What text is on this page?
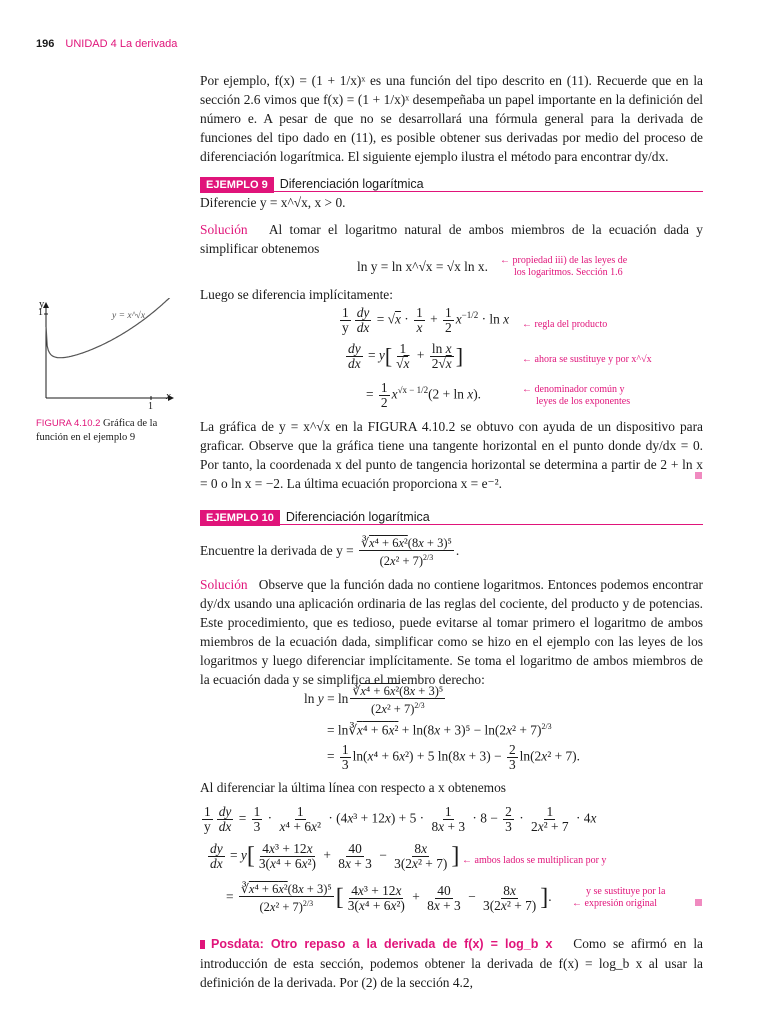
196 UNIDAD 4 La derivada

Por ejemplo, f(x) = (1 + 1/x)ˣ es una función del tipo descrito en (11). Recuerde que en la sección 2.6 vimos que f(x) = (1 + 1/x)ˣ desempeñaba un papel importante en la definición del número e. A pesar de que no se desarrollará una fórmula general para la derivada de funciones del tipo dado en (11), es posible obtener sus derivadas por medio del proceso de diferenciación logarítmica. El siguiente ejemplo ilustra el método para encontrar dy/dx.

EJEMPLO 9 Diferenciación logarítmica
Diferencie y = x^√x, x > 0.

Solución Al tomar el logaritmo natural de ambos miembros de la ecuación dada y simplificar obtenemos

ln y = ln x^√x = √x ln x. ← propiedad iii) de las leyes de
los logaritmos. Sección 1.6
Luego se diferencia implícitamente:
$\frac{1}{y} \frac{dy}{dx} = √x \cdot \frac{1}{x} + \frac{1}{2} x^{-1/2} \cdot \ln x$ ← regla del producto
$\frac{dy}{dx} = y[ \frac{1}{√x} + \frac{\text{ln x}}{2√x}$ ]	← ahora se sustituye y por x^√x
= $\frac{1}{2} x^{√x - 1/2}(2 + \ln x)$.	← denominador común y
leyes de los exponentes

La gráfica de y = x^√x en la FIGURA 4.10.2 se obtuvo con ayuda de un dispositivo para graficar. Observe que la gráfica tiene una tangente horizontal en el punto donde dy/dx = 0. Por tanto, la coordenada x del punto de tangencia horizontal se determina a partir de 2 + ln x = 0 o ln x = −2. La última ecuación proporciona x = e⁻².

y
1
x
1
y = x^√x
FIGURA 4.10.2 Gráfica de la función en el ejemplo 9
EJEMPLO 10 Diferenciación logarítmica
Encuentre la derivada de $y = \frac{\text{∛x⁴ + 6x²(8x + 3)⁵}}{(2x^2 + 7)^{2/3}}$ .

Solución Observe que la función dada no contiene logaritmos. Entonces podemos encontrar dy/dx usando una aplicación ordinaria de las reglas del cociente, del producto y de potencias. Este procedimiento, que es tedioso, puede evitarse al tomar primero el logaritmo de ambos miembros de la ecuación dada, simplificar como se hizo en el ejemplo con las leyes de los logaritmos y luego diferenciar implícitamente. Se toma el logaritmo de ambos miembros de la ecuación dada y se simplifica el miembro derecho:

$\ln y = \ln \frac{\text{∛x⁴ + 6x²(8x + 3)⁵}}{(2x^2 + 7)^{2/3}}$
= ln∛x⁴ + $6x^2 + \ln(8x + 3)^5 - \ln(2x^2 + 7)^{2/3}$
= $\frac{1}{3} \ln(x^4 + 6x^2) + 5$ $\ln(8x + 3) - \frac{2}{3} \ln(2x^2 + 7)$.
Al diferenciar la última línea con respecto a x obtenemos
$\frac{1}{y} \frac{dy}{dx} = \frac{1}{3} \cdot \frac{1}{\text{x⁴ + 6x²}} \cdot (4x^3 + 12x) + 5 \cdot \frac{1}{8x + 3} \cdot 8 - \frac{2}{3} \cdot \frac{1}{\text{2x² + 7}} \cdot 4x$
$\frac{dy}{dx} = y[ \frac{\text{4x³ + 12x}}{\text{3(x⁴ + 6x²)}} + \frac{40}{8x + 3} - \frac{8x}{\text{3(2x² + 7)}}$ ] ← ambos lados se multiplican por y
= $\frac{\text{∛x⁴ + 6x²(8x + 3)⁵}}{(2x^2 + 7)^{2/3}}$ [ $\frac{\text{4x³ + 12x}}{\text{3(x⁴ + 6x²)}} + \frac{40}{8x + 3} - \frac{8x}{\text{3(2x² + 7)}}$ ].	y se sustituye por la
← expresión original

Posdata: Otro repaso a la derivada de f(x) = log_b x Como se afirmó en la introducción de esta sección, podemos obtener la derivada de f(x) = log_b x al usar la definición de la derivada. Por (2) de la sección 4.2,
